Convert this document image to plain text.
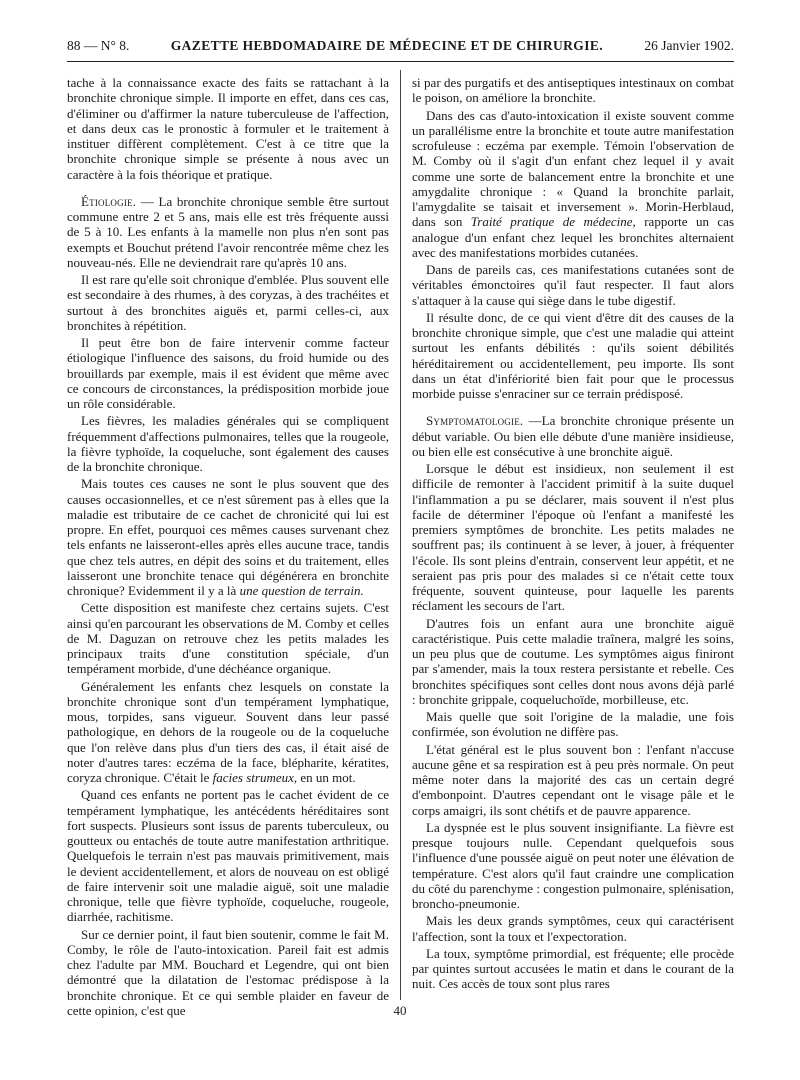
88 — N° 8.	GAZETTE HEBDOMADAIRE DE MÉDECINE ET DE CHIRURGIE.	26 Janvier 1902.

tache à la connaissance exacte des faits se rattachant à la bronchite chronique simple. Il importe en effet, dans ces cas, d'éliminer ou d'affirmer la nature tuberculeuse de l'affection, et dans deux cas le pronostic à formuler et le traitement à instituer diffèrent complètement. C'est à ce titre que la bronchite chronique simple se présente à nous avec un caractère à la fois théorique et pratique.

Étiologie. — La bronchite chronique semble être surtout commune entre 2 et 5 ans, mais elle est très fréquente aussi de 5 à 10. Les enfants à la mamelle non plus n'en sont pas exempts et Bouchut prétend l'avoir rencontrée même chez les nouveau-nés. Elle ne deviendrait rare qu'après 10 ans.

Il est rare qu'elle soit chronique d'emblée. Plus souvent elle est secondaire à des rhumes, à des coryzas, à des trachéites et surtout à des bronchites aiguës et, parmi celles-ci, aux bronchites à répétition.

Il peut être bon de faire intervenir comme facteur étiologique l'influence des saisons, du froid humide ou des brouillards par exemple, mais il est évident que même avec ce concours de circonstances, la prédisposition morbide joue un rôle considérable.

Les fièvres, les maladies générales qui se compliquent fréquemment d'affections pulmonaires, telles que la rougeole, la fièvre typhoïde, la coqueluche, sont également des causes de la bronchite chronique.

Mais toutes ces causes ne sont le plus souvent que des causes occasionnelles, et ce n'est sûrement pas à elles que la maladie est tributaire de ce cachet de chronicité qui lui est propre. En effet, pourquoi ces mêmes causes survenant chez tels enfants ne laisseront-elles après elles aucune trace, tandis que chez tels autres, en dépit des soins et du traitement, elles laisseront une bronchite tenace qui dégénérera en bronchite chronique? Evidemment il y a là une question de terrain.

Cette disposition est manifeste chez certains sujets. C'est ainsi qu'en parcourant les observations de M. Comby et celles de M. Daguzan on retrouve chez les petits malades les principaux traits d'une constitution spéciale, d'un tempérament morbide, d'une déchéance organique.

Généralement les enfants chez lesquels on constate la bronchite chronique sont d'un tempérament lymphatique, mous, torpides, sans vigueur. Souvent dans leur passé pathologique, en dehors de la rougeole ou de la coqueluche que l'on relève dans plus d'un tiers des cas, il était aisé de noter d'autres tares: eczéma de la face, blépharite, kératites, coryza chronique. C'était le facies strumeux, en un mot.

Quand ces enfants ne portent pas le cachet évident de ce tempérament lymphatique, les antécédents héréditaires sont fort suspects. Plusieurs sont issus de parents tuberculeux, ou goutteux ou entachés de toute autre manifestation arthritique. Quelquefois le terrain n'est pas mauvais primitivement, mais le devient accidentellement, et alors de nouveau on est obligé de faire intervenir soit une maladie aiguë, soit une maladie chronique, telle que fièvre typhoïde, coqueluche, rougeole, diarrhée, rachitisme.

Sur ce dernier point, il faut bien soutenir, comme le fait M. Comby, le rôle de l'auto-intoxication. Pareil fait est admis chez l'adulte par MM. Bouchard et Legendre, qui ont bien démontré que la dilatation de l'estomac prédispose à la bronchite chronique. Et ce qui semble plaider en faveur de cette opinion, c'est que

si par des purgatifs et des antiseptiques intestinaux on combat le poison, on améliore la bronchite.

Dans des cas d'auto-intoxication il existe souvent comme un parallélisme entre la bronchite et toute autre manifestation scrofuleuse : eczéma par exemple. Témoin l'observation de M. Comby où il s'agit d'un enfant chez lequel il y avait comme une sorte de balancement entre la bronchite et une amygdalite chronique : « Quand la bronchite parlait, l'amygdalite se taisait et inversement ». Morin-Herblaud, dans son Traité pratique de médecine, rapporte un cas analogue d'un enfant chez lequel les bronchites alternaient avec des manifestations morbides cutanées.

Dans de pareils cas, ces manifestations cutanées sont de véritables émonctoires qu'il faut respecter. Il faut alors s'attaquer à la cause qui siège dans le tube digestif.

Il résulte donc, de ce qui vient d'être dit des causes de la bronchite chronique simple, que c'est une maladie qui atteint surtout les enfants débilités : qu'ils soient débilités héréditairement ou accidentellement, peu importe. Ils sont dans un état d'infériorité bien fait pour que le processus morbide puisse s'enraciner sur ce terrain prédisposé.

Symptomatologie. —La bronchite chronique présente un début variable. Ou bien elle débute d'une manière insidieuse, ou bien elle est consécutive à une bronchite aiguë.

Lorsque le début est insidieux, non seulement il est difficile de remonter à l'accident primitif à la suite duquel l'inflammation a pu se déclarer, mais souvent il n'est plus facile de déterminer l'époque où l'enfant a manifesté les premiers symptômes de bronchite. Les petits malades ne souffrent pas; ils continuent à se lever, à jouer, à fréquenter l'école. Ils sont pleins d'entrain, conservent leur appétit, et ne seraient pas pris pour des malades si ce n'était cette toux fréquente, souvent quinteuse, pour laquelle les parents réclament les secours de l'art.

D'autres fois un enfant aura une bronchite aiguë caractéristique. Puis cette maladie traînera, malgré les soins, un peu plus que de coutume. Les symptômes aigus finiront par s'amender, mais la toux restera persistante et rebelle. Ces bronchites spécifiques sont celles dont nous avons déjà parlé : bronchite grippale, coqueluchoïde, morbilleuse, etc.

Mais quelle que soit l'origine de la maladie, une fois confirmée, son évolution ne diffère pas.

L'état général est le plus souvent bon : l'enfant n'accuse aucune gêne et sa respiration est à peu près normale. On peut même noter dans la majorité des cas un certain degré d'embonpoint. D'autres cependant ont le visage pâle et le corps amaigri, ils sont chétifs et de pauvre apparence.

La dyspnée est le plus souvent insignifiante. La fièvre est presque toujours nulle. Cependant quelquefois sous l'influence d'une poussée aiguë on peut noter une élévation de température. C'est alors qu'il faut craindre une complication du côté du parenchyme : congestion pulmonaire, splénisation, broncho-pneumonie.

Mais les deux grands symptômes, ceux qui caractérisent l'affection, sont la toux et l'expectoration.

La toux, symptôme primordial, est fréquente; elle procède par quintes surtout accusées le matin et dans le courant de la nuit. Ces accès de toux sont plus rares

40
